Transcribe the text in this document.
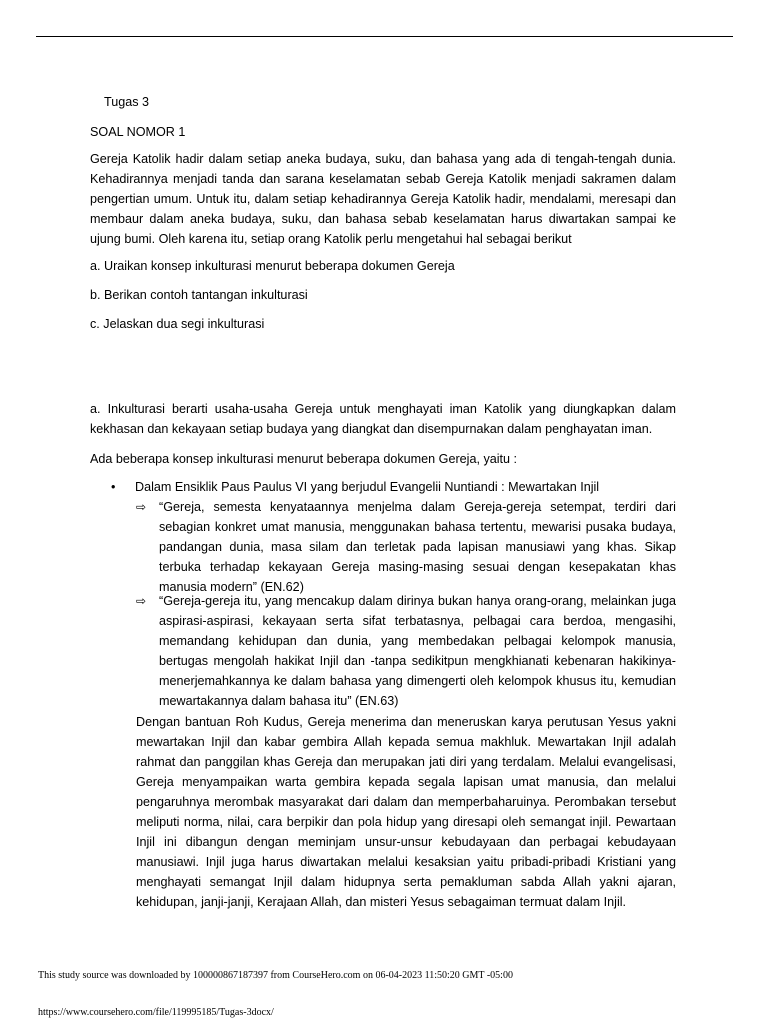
Tugas 3
SOAL NOMOR 1
Gereja Katolik hadir dalam setiap aneka budaya, suku, dan bahasa yang ada di tengah-tengah dunia. Kehadirannya menjadi tanda dan sarana keselamatan sebab Gereja Katolik menjadi sakramen dalam pengertian umum. Untuk itu, dalam setiap kehadirannya Gereja Katolik hadir, mendalami, meresapi dan membaur dalam aneka budaya, suku, dan bahasa sebab keselamatan harus diwartakan sampai ke ujung bumi. Oleh karena itu, setiap orang Katolik perlu mengetahui hal sebagai berikut
a. Uraikan konsep inkulturasi menurut beberapa dokumen Gereja
b. Berikan contoh tantangan inkulturasi
c. Jelaskan dua segi inkulturasi
a. Inkulturasi berarti usaha-usaha Gereja untuk menghayati iman Katolik yang diungkapkan dalam kekhasan dan kekayaan setiap budaya yang diangkat dan disempurnakan dalam penghayatan iman.
Ada beberapa konsep inkulturasi menurut beberapa dokumen Gereja, yaitu :
•	Dalam Ensiklik Paus Paulus VI yang berjudul Evangelii Nuntiandi : Mewartakan Injil
⇨	“Gereja, semesta kenyataannya menjelma dalam Gereja-gereja setempat, terdiri dari sebagian konkret umat manusia, menggunakan bahasa tertentu, mewarisi pusaka budaya, pandangan dunia, masa silam dan terletak pada lapisan manusiawi yang khas. Sikap terbuka terhadap kekayaan Gereja masing-masing sesuai dengan kesepakatan khas manusia modern” (EN.62)
⇨	“Gereja-gereja itu, yang mencakup dalam dirinya bukan hanya orang-orang, melainkan juga aspirasi-aspirasi, kekayaan serta sifat terbatasnya, pelbagai cara berdoa, mengasihi, memandang kehidupan dan dunia, yang membedakan pelbagai kelompok manusia, bertugas mengolah hakikat Injil dan -tanpa sedikitpun mengkhianati kebenaran hakikinya- menerjemahkannya ke dalam bahasa yang dimengerti oleh kelompok khusus itu, kemudian mewartakannya dalam bahasa itu” (EN.63)
Dengan bantuan Roh Kudus, Gereja menerima dan meneruskan karya perutusan Yesus yakni mewartakan Injil dan kabar gembira Allah kepada semua makhluk. Mewartakan Injil adalah rahmat dan panggilan khas Gereja dan merupakan jati diri yang terdalam. Melalui evangelisasi, Gereja menyampaikan warta gembira kepada segala lapisan umat manusia, dan melalui pengaruhnya merombak masyarakat dari dalam dan memperbaharuinya. Perombakan tersebut meliputi norma, nilai, cara berpikir dan pola hidup yang diresapi oleh semangat injil. Pewartaan Injil ini dibangun dengan meminjam unsur-unsur kebudayaan dan perbagai kebudayaan manusiawi. Injil juga harus diwartakan melalui kesaksian yaitu pribadi-pribadi Kristiani yang menghayati semangat Injil dalam hidupnya serta pemakluman sabda Allah yakni ajaran, kehidupan, janji-janji, Kerajaan Allah, dan misteri Yesus sebagaiman termuat dalam Injil.
This study source was downloaded by 100000867187397 from CourseHero.com on 06-04-2023 11:50:20 GMT -05:00
https://www.coursehero.com/file/119995185/Tugas-3docx/
